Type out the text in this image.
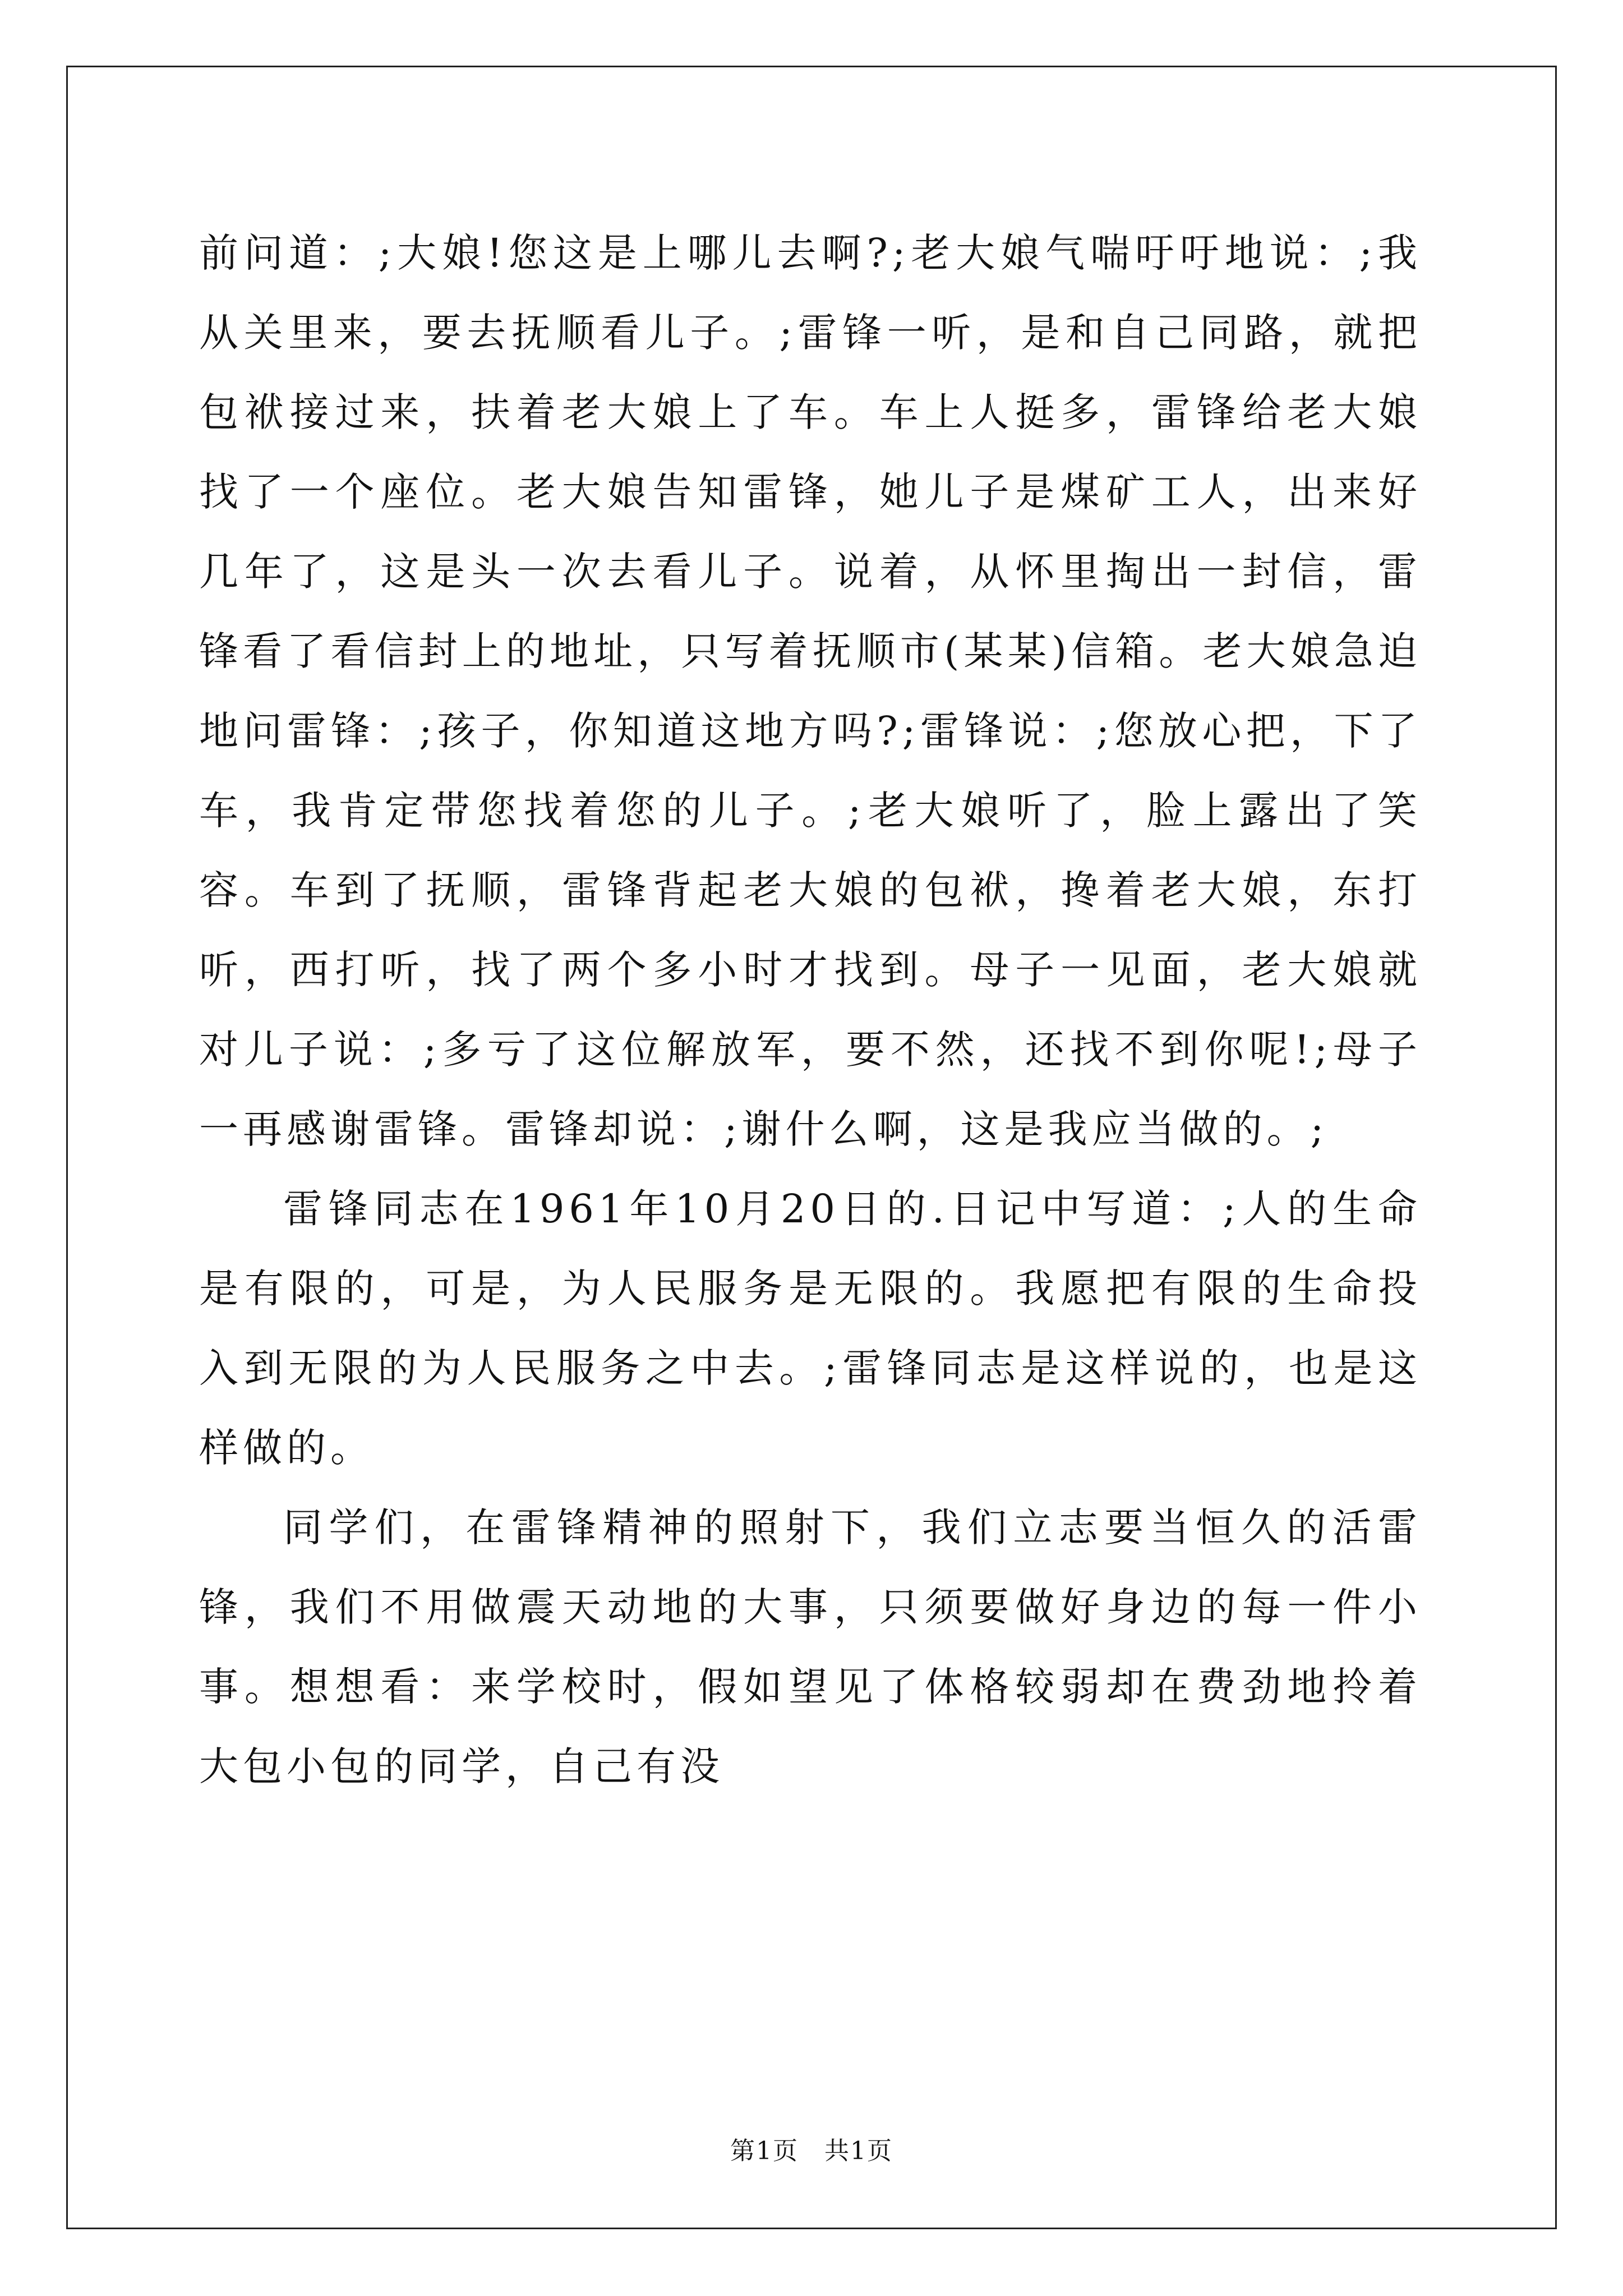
前问道：;大娘!您这是上哪儿去啊?;老大娘气喘吁吁地说：;我从关里来，要去抚顺看儿子。;雷锋一听，是和自己同路，就把包袱接过来，扶着老大娘上了车。车上人挺多，雷锋给老大娘找了一个座位。老大娘告知雷锋，她儿子是煤矿工人，出来好几年了，这是头一次去看儿子。说着，从怀里掏出一封信，雷锋看了看信封上的地址，只写着抚顺市(某某)信箱。老大娘急迫地问雷锋：;孩子，你知道这地方吗?;雷锋说：;您放心把，下了车，我肯定带您找着您的儿子。;老大娘听了，脸上露出了笑容。车到了抚顺，雷锋背起老大娘的包袱，搀着老大娘，东打听，西打听，找了两个多小时才找到。母子一见面，老大娘就对儿子说：;多亏了这位解放军，要不然，还找不到你呢!;母子一再感谢雷锋。雷锋却说：;谢什么啊，这是我应当做的。;

雷锋同志在1961年10月20日的.日记中写道：;人的生命是有限的，可是，为人民服务是无限的。我愿把有限的生命投入到无限的为人民服务之中去。;雷锋同志是这样说的，也是这样做的。

同学们，在雷锋精神的照射下，我们立志要当恒久的活雷锋，我们不用做震天动地的大事，只须要做好身边的每一件小事。想想看：来学校时，假如望见了体格较弱却在费劲地拎着大包小包的同学，自己有没

第1页　共1页
